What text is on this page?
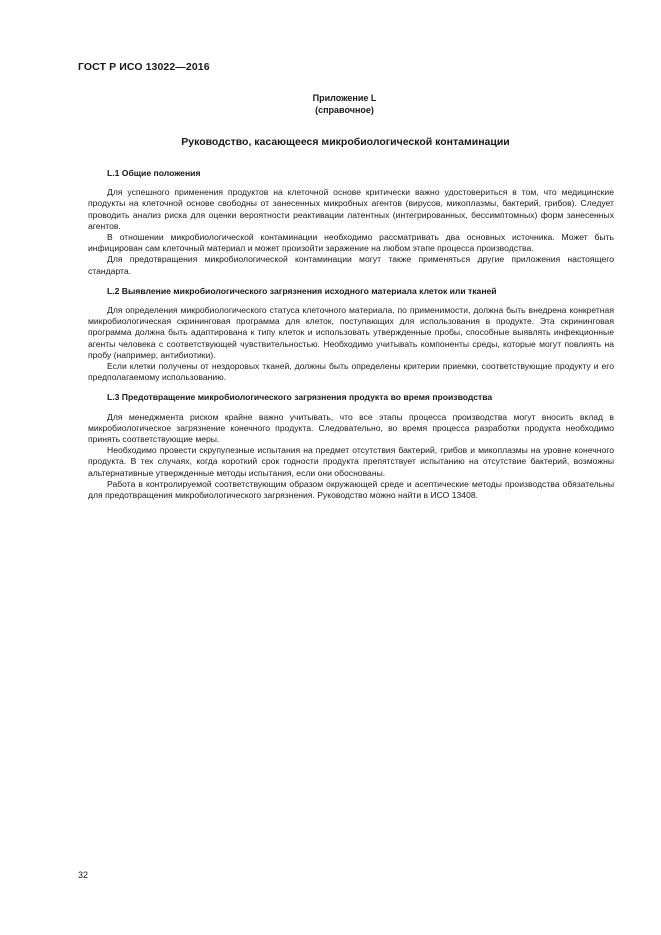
ГОСТ Р ИСО 13022—2016
Приложение L
(справочное)
Руководство, касающееся микробиологической контаминации
L.1 Общие положения

Для успешного применения продуктов на клеточной основе критически важно удостовериться в том, что медицинские продукты на клеточной основе свободны от занесенных микробных агентов (вирусов, микоплазмы, бактерий, грибов). Следует проводить анализ риска для оценки вероятности реактивации латентных (интегрированных, бессимптомных) форм занесенных агентов.

В отношении микробиологической контаминации необходимо рассматривать два основных источника. Может быть инфицирован сам клеточный материал и может произойти заражение на любом этапе процесса производства.

Для предотвращения микробиологической контаминации могут также применяться другие приложения настоящего стандарта.

L.2 Выявление микробиологического загрязнения исходного материала клеток или тканей

Для определения микробиологического статуса клеточного материала, по применимости, должна быть внедрена конкретная микробиологическая скрининговая программа для клеток, поступающих для использования в продукте. Эта скрининговая программа должна быть адаптирована к типу клеток и использовать утвержденные пробы, способные выявлять инфекционные агенты человека с соответствующей чувствительностью. Необходимо учитывать компоненты среды, которые могут повлиять на пробу (например, антибиотики).

Если клетки получены от нездоровых тканей, должны быть определены критерии приемки, соответствующие продукту и его предполагаемому использованию.

L.3 Предотвращение микробиологического загрязнения продукта во время производства

Для менеджмента риском крайне важно учитывать, что все этапы процесса производства могут вносить вклад в микробиологическое загрязнение конечного продукта. Следовательно, во время процесса разработки продукта необходимо принять соответствующие меры.

Необходимо провести скрупулезные испытания на предмет отсутствия бактерий, грибов и микоплазмы на уровне конечного продукта. В тех случаях, когда короткий срок годности продукта препятствует испытанию на отсутствие бактерий, возможны альтернативные утвержденные методы испытания, если они обоснованы.

Работа в контролируемой соответствующим образом окружающей среде и асептические методы производства обязательны для предотвращения микробиологического загрязнения. Руководство можно найти в ИСО 13408.

32
